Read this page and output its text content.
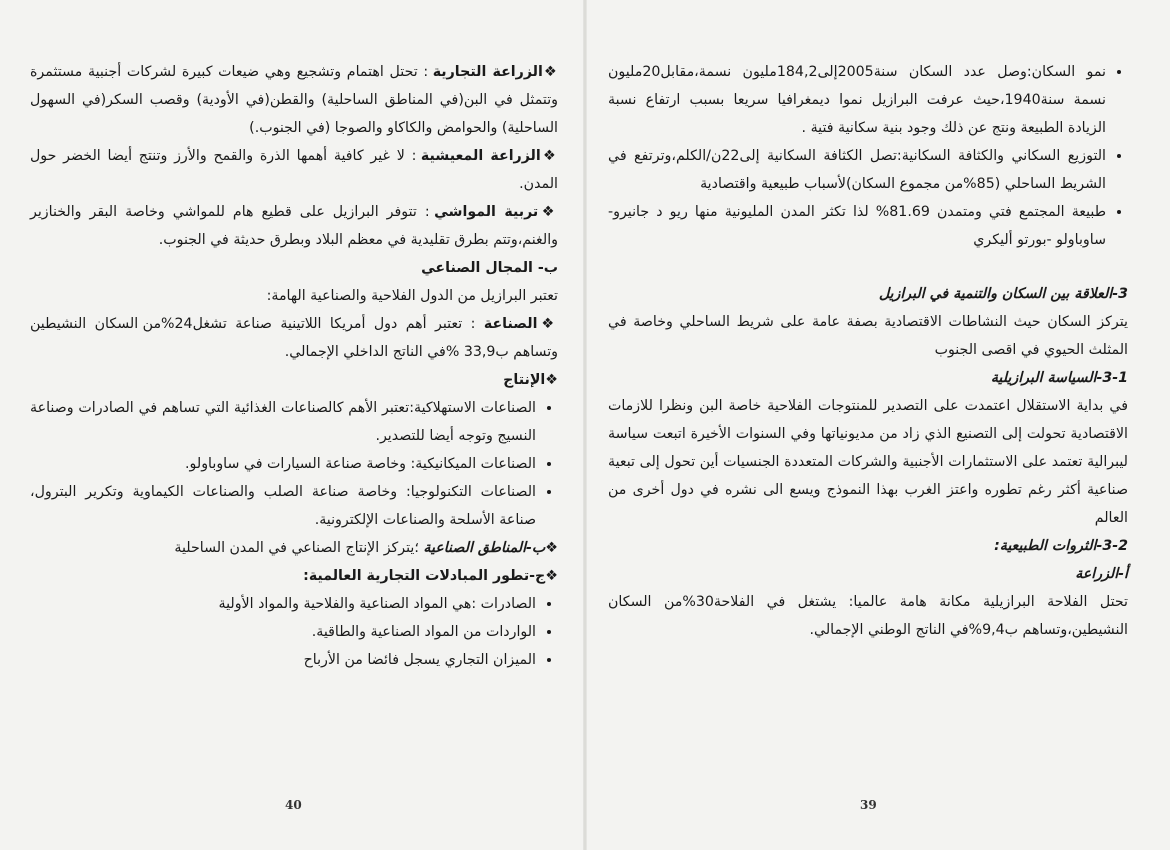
• نمو السكان:وصل عدد السكان سنة2005إلى184,2مليون نسمة،مقابل20مليون نسمة سنة1940،حيث عرفت البرازيل نموا ديمغرافيا سريعا بسبب ارتفاع نسبة الزيادة الطبيعة ونتج عن ذلك وجود بنية سكانية فتية .
• التوزيع السكاني والكثافة السكانية:تصل الكثافة السكانية إلى22ن/الكلم،وترتفع في الشريط الساحلي (85%من مجموع السكان)لأسباب طبيعية واقتصادية
• طبيعة المجتمع فتي ومتمدن 81.69% لذا تكثر المدن المليونية منها ريو د جانيرو- ساوباولو -بورتو أليكري

3-العلاقة بين السكان والتنمية في البرازيل

يتركز السكان حيث النشاطات الاقتصادية بصفة عامة على شريط الساحلي وخاصة في المثلث الحيوي في اقصى الجنوب

3-1-السياسة البرازيلية

في بداية الاستقلال اعتمدت على التصدير للمنتوجات الفلاحية خاصة البن ونظرا للازمات الاقتصادية تحولت إلى التصنيع الذي زاد من مديونياتها وفي السنوات الأخيرة اتبعت سياسة ليبرالية تعتمد على الاستثمارات الأجنبية والشركات المتعددة الجنسيات أين تحول إلى تبعية صناعية أكثر رغم تطوره واعتز الغرب بهذا النموذج ويسع الى نشره في دول أخرى من العالم

3-2-الثروات الطبيعية:

أ-الزراعة

تحتل الفلاحة البرازيلية مكانة هامة عالميا: يشتغل في الفلاحة30%من السكان النشيطين،وتساهم ب9,4%في الناتج الوطني الإجمالي.

39

❖الزراعة التجارية : تحتل اهتمام وتشجيع وهي ضيعات كبيرة لشركات أجنبية مستثمرة وتتمثل في البن(في المناطق الساحلية) والقطن(في الأودية) وقصب السكر(في السهول الساحلية) والحوامض والكاكاو والصوجا (في الجنوب.)

❖الزراعة المعيشية : لا غير كافية أهمها الذرة والقمح والأرز وتنتج أيضا الخضر حول المدن.

❖تربية المواشي : تتوفر البرازيل على قطيع هام للمواشي وخاصة البقر والخنازير والغنم،وتتم بطرق تقليدية في معظم البلاد وبطرق حديثة في الجنوب.

ب- المجال الصناعي

تعتبر البرازيل من الدول الفلاحية والصناعية الهامة:

❖الصناعة : تعتبر أهم دول أمريكا اللاتينية صناعة تشغل24%من السكان النشيطين وتساهم ب33,9 %في الناتج الداخلي الإجمالي.

❖الإنتاج

• الصناعات الاستهلاكية:تعتبر الأهم كالصناعات الغذائية التي تساهم في الصادرات وصناعة النسيج وتوجه أيضا للتصدير.
• الصناعات الميكانيكية: وخاصة صناعة السيارات في ساوباولو.
• الصناعات التكنولوجيا: وخاصة صناعة الصلب والصناعات الكيماوية وتكرير البترول، صناعة الأسلحة والصناعات الإلكترونية.

❖ب-المناطق الصناعية ؛يتركز الإنتاج الصناعي في المدن الساحلية

❖ج-تطور المبادلات التجارية العالمية:

• الصادرات :هي المواد الصناعية والفلاحية والمواد الأولية
• الواردات من المواد الصناعية والطاقية.
• الميزان التجاري يسجل فائضا من الأرباح
40
